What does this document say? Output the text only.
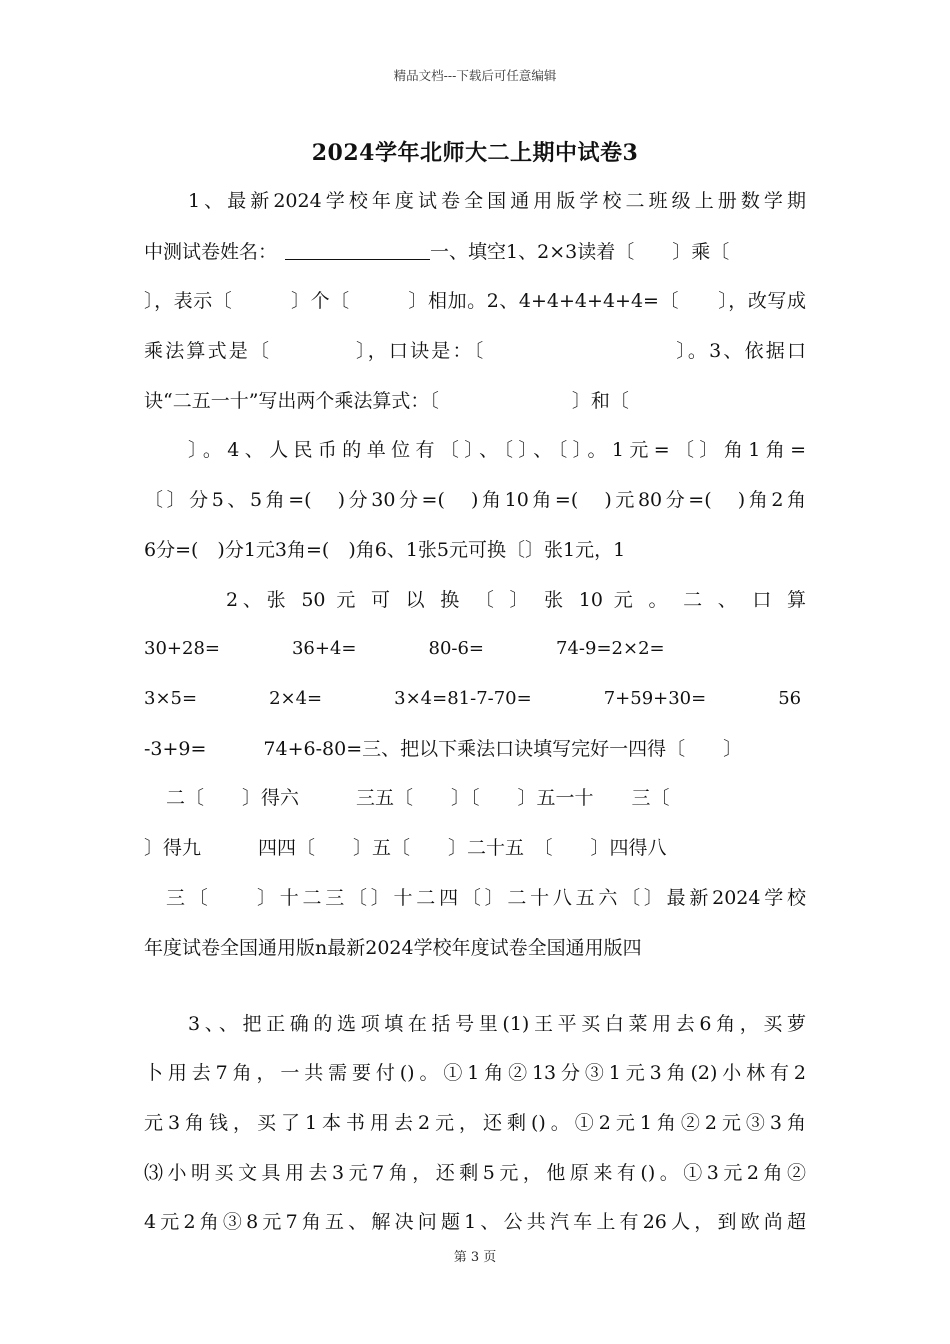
精品文档---下载后可任意编辑
2024学年北师大二上期中试卷3
1、最新2024学校年度试卷全国通用版学校二班级上册数学期
中测试卷姓名：	一、填空1、2×3读着〔　　〕乘〔
〕，表示〔　　　〕个〔　　　〕相加。2、4+4+4+4+4=〔　　〕，改写成
乘法算式是〔　　　　〕，口诀是：〔　　　　　　　　　〕。3、依据口
诀“二五一十”写出两个乘法算式：〔　　　　　　　〕和〔
〕。4、人民币的单位有〔〕、〔〕、〔〕。1元=〔〕角1角=
〔〕分5、5角=(　)分30分=(　)角10角=(　)元80分=(　)角2角
6分=(　)分1元3角=(　)角6、1张5元可换〔〕张1元，1
2、张 50 元 可 以 换 〔 〕 张 10 元 。 二 、 口 算
30+28=　　　　36+4=　　　　80-6=　　　　74-9=2×2=
3×5=　　　　2×4=　　　　3×4=81-7-70=　　　　7+59+30=　　　　56
-3+9=　　　74+6-80=三、把以下乘法口诀填写完好一四得〔　　〕
二〔　　〕得六　　　三五〔　　〕〔　　〕五一十　　三〔
〕得九　　　四四〔　　〕五〔　　〕二十五　〔　　〕四得八
三〔　　〕十二三〔〕十二四〔〕二十八五六〔〕最新2024学校
年度试卷全国通用版n最新2024学校年度试卷全国通用版四
3、、把正确的选项填在括号里(1)王平买白菜用去6角，买萝
卜用去7角，一共需要付()。①1角②13分③1元3角(2)小林有2
元3角钱，买了1本书用去2元，还剩()。①2元1角②2元③3角
⑶小明买文具用去3元7角，还剩5元，他原来有()。①3元2角②
4元2角③8元7角五、解决问题1、公共汽车上有26人，到欧尚超
第 3 页
